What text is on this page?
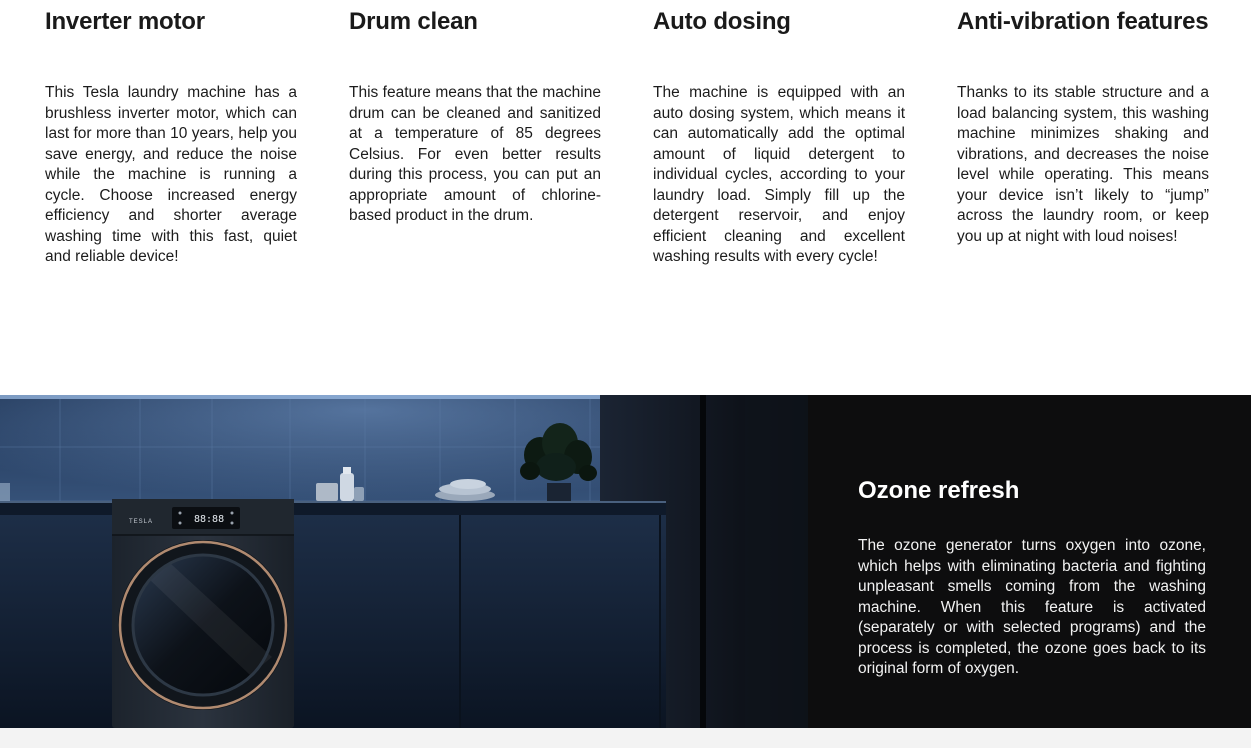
Inverter motor

This Tesla laundry machine has a brushless inverter motor, which can last for more than 10 years, help you save energy, and reduce the noise while the machine is running a cycle. Choose increased energy efficiency and shorter average washing time with this fast, quiet and reliable device!

Drum clean

This feature means that the machine drum can be cleaned and sanitized at a temperature of 85 degrees Celsius. For even better results during this process, you can put an appropriate amount of chlorine-based product in the drum.

Auto dosing

The machine is equipped with an auto dosing system, which means it can automatically add the optimal amount of liquid detergent to individual cycles, according to your laundry load. Simply fill up the detergent reservoir, and enjoy efficient cleaning and excellent washing results with every cycle!

Anti-vibration features

Thanks to its stable structure and a load balancing system, this washing machine minimizes shaking and vibrations, and decreases the noise level while operating. This means your device isn’t likely to “jump” across the laundry room, or keep you up at night with loud noises!

TESLA	88:88
Ozone refresh

The ozone generator turns oxygen into ozone, which helps with eliminating bacteria and fighting unpleasant smells coming from the washing machine. When this feature is activated (separately or with selected programs) and the process is completed, the ozone goes back to its original form of oxygen.
